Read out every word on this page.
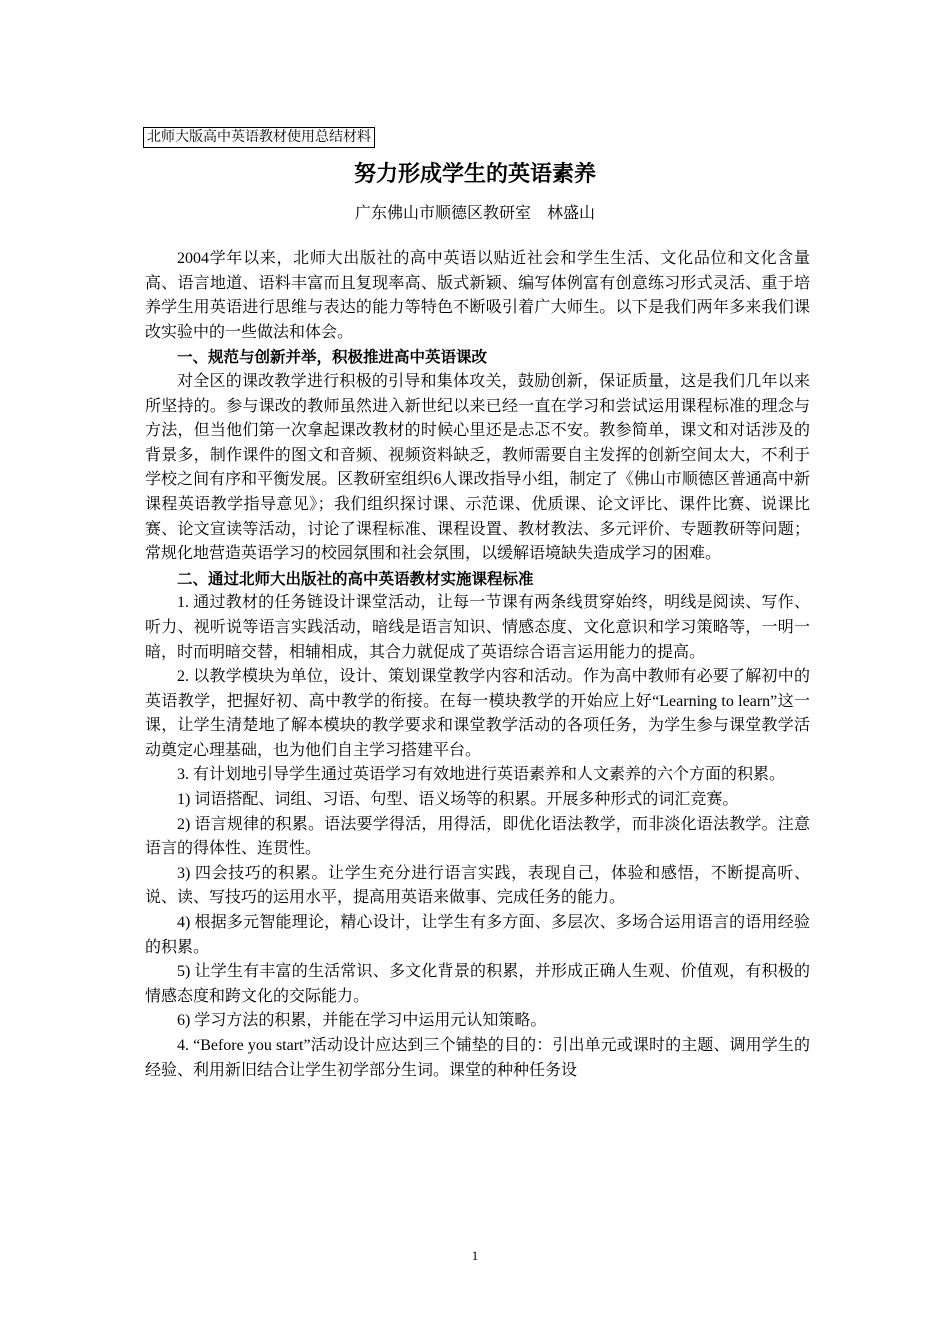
北师大版高中英语教材使用总结材料
努力形成学生的英语素养
广东佛山市顺德区教研室　林盛山

2004学年以来，北师大出版社的高中英语以贴近社会和学生生活、文化品位和文化含量高、语言地道、语料丰富而且复现率高、版式新颖、编写体例富有创意练习形式灵活、重于培养学生用英语进行思维与表达的能力等特色不断吸引着广大师生。以下是我们两年多来我们课改实验中的一些做法和体会。

一、规范与创新并举，积极推进高中英语课改

对全区的课改教学进行积极的引导和集体攻关，鼓励创新，保证质量，这是我们几年以来所坚持的。参与课改的教师虽然进入新世纪以来已经一直在学习和尝试运用课程标准的理念与方法，但当他们第一次拿起课改教材的时候心里还是忐忑不安。教参简单，课文和对话涉及的背景多，制作课件的图文和音频、视频资料缺乏，教师需要自主发挥的创新空间太大，不利于学校之间有序和平衡发展。区教研室组织6人课改指导小组，制定了《佛山市顺德区普通高中新课程英语教学指导意见》；我们组织探讨课、示范课、优质课、论文评比、课件比赛、说课比赛、论文宣读等活动，讨论了课程标准、课程设置、教材教法、多元评价、专题教研等问题；常规化地营造英语学习的校园氛围和社会氛围，以缓解语境缺失造成学习的困难。

二、通过北师大出版社的高中英语教材实施课程标准

1. 通过教材的任务链设计课堂活动，让每一节课有两条线贯穿始终，明线是阅读、写作、听力、视听说等语言实践活动，暗线是语言知识、情感态度、文化意识和学习策略等，一明一暗，时而明暗交替，相辅相成，其合力就促成了英语综合语言运用能力的提高。

2. 以教学模块为单位，设计、策划课堂教学内容和活动。作为高中教师有必要了解初中的英语教学，把握好初、高中教学的衔接。在每一模块教学的开始应上好“Learning to learn”这一课，让学生清楚地了解本模块的教学要求和课堂教学活动的各项任务，为学生参与课堂教学活动奠定心理基础，也为他们自主学习搭建平台。

3. 有计划地引导学生通过英语学习有效地进行英语素养和人文素养的六个方面的积累。

1) 词语搭配、词组、习语、句型、语义场等的积累。开展多种形式的词汇竞赛。

2) 语言规律的积累。语法要学得活，用得活，即优化语法教学，而非淡化语法教学。注意语言的得体性、连贯性。

3) 四会技巧的积累。让学生充分进行语言实践，表现自己，体验和感悟，不断提高听、说、读、写技巧的运用水平，提高用英语来做事、完成任务的能力。

4) 根据多元智能理论，精心设计，让学生有多方面、多层次、多场合运用语言的语用经验的积累。

5) 让学生有丰富的生活常识、多文化背景的积累，并形成正确人生观、价值观，有积极的情感态度和跨文化的交际能力。

6) 学习方法的积累，并能在学习中运用元认知策略。

4. “Before you start”活动设计应达到三个铺垫的目的：引出单元或课时的主题、调用学生的经验、利用新旧结合让学生初学部分生词。课堂的种种任务设

1
